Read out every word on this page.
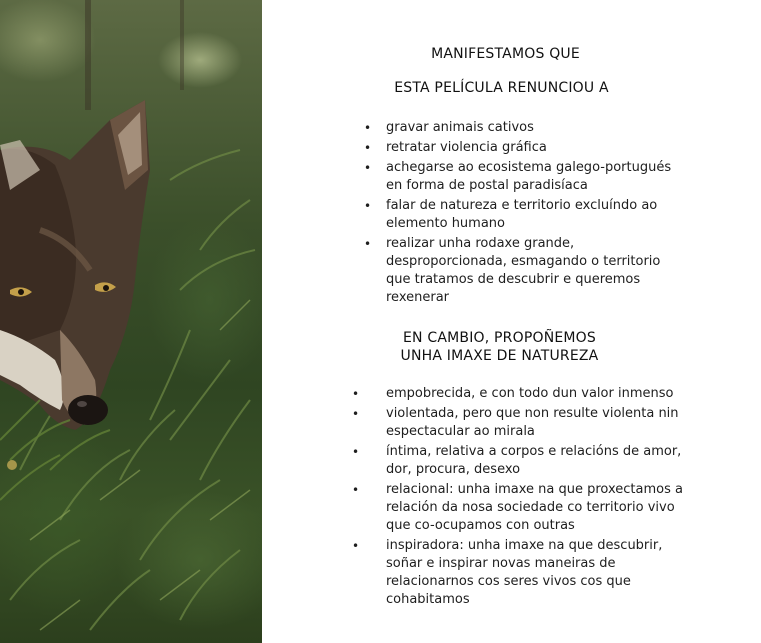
MANIFESTAMOS QUE
ESTA PELÍCULA RENUNCIOU A
• gravar animais cativos
• retratar violencia gráfica
• achegarse ao ecosistema galego-portugués en forma de postal paradisíaca
• falar de natureza e territorio excluíndo ao elemento humano
• realizar unha rodaxe grande, desproporcionada, esmagando o territorio que tratamos de descubrir e queremos rexenerar
EN CAMBIO, PROPOÑEMOS
UNHA IMAXE DE NATUREZA
• empobrecida, e con todo dun valor inmenso
• violentada, pero que non resulte violenta nin espectacular ao mirala
• íntima, relativa a corpos e relacións de amor, dor, procura, desexo
• relacional: unha imaxe na que proxectamos a relación da nosa sociedade co territorio vivo que co-ocupamos con outras
• inspiradora: unha imaxe na que descubrir, soñar e inspirar novas maneiras de relacionarnos cos seres vivos cos que cohabitamos
